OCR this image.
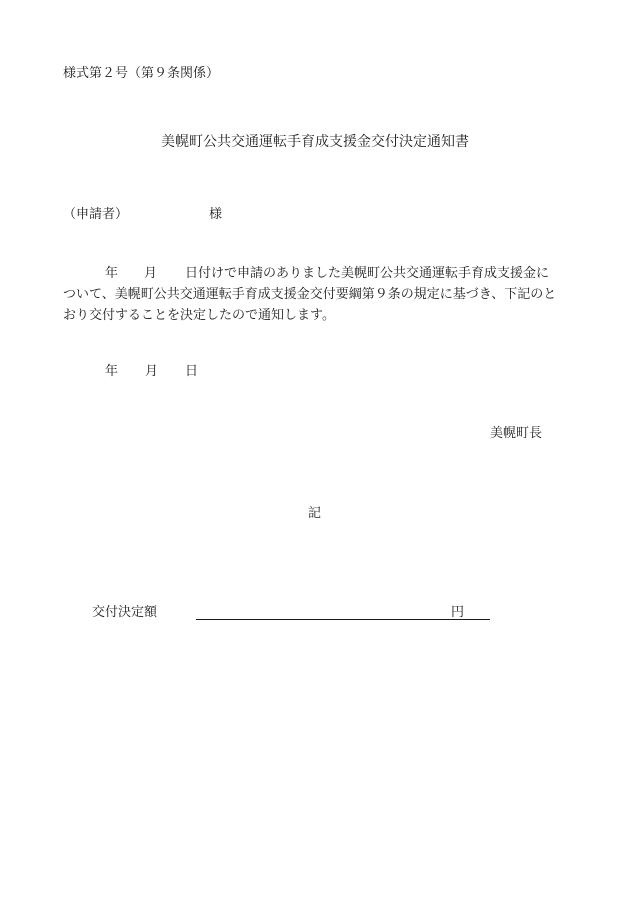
様式第２号（第９条関係）
美幌町公共交通運転手育成支援金交付決定通知書
（申請者）	様
年 月 日付けで申請のありました美幌町公共交通運転手育成支援金に
ついて、美幌町公共交通運転手育成支援金交付要綱第９条の規定に基づき、下記のと
おり交付することを決定したので通知します。
年 月 日
美幌町長
記
交付決定額	円
